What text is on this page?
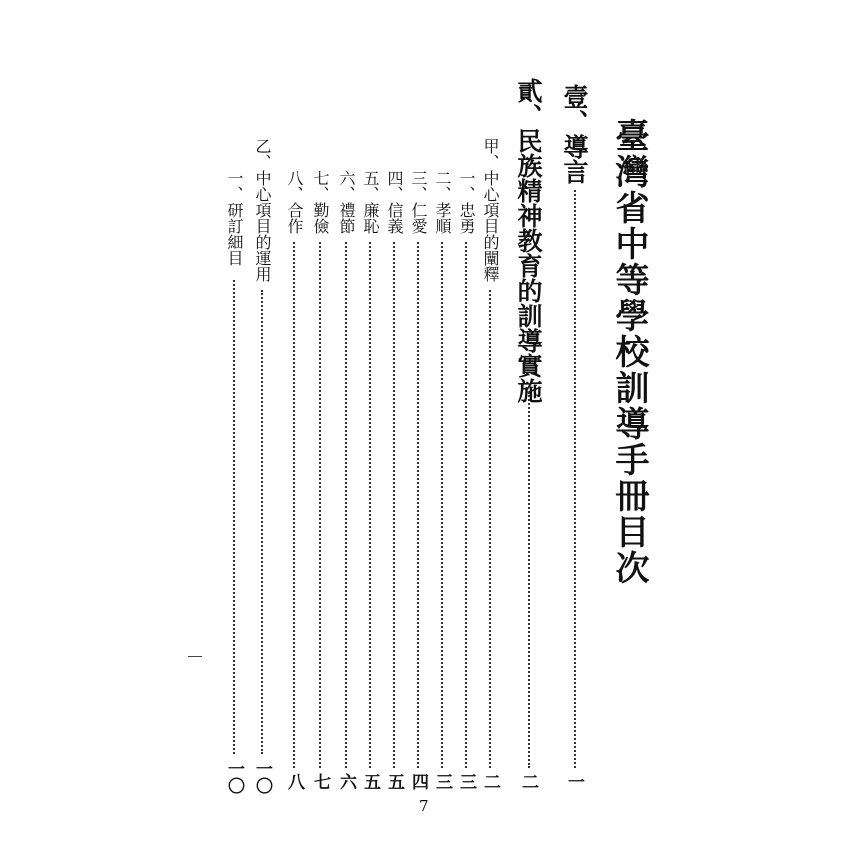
臺灣省中等學校訓導手冊目次
壹、導言
一
貳、民族精神教育的訓導實施
二
甲、中心項目的闡釋
二
一、忠勇
三
二、孝順
三
三、仁愛
四
四、信義
五
五、廉恥
五
六、禮節
六
七、勤儉
七
八、合作
八
乙、中心項目的運用
一〇
一、研訂細目
一〇
7
